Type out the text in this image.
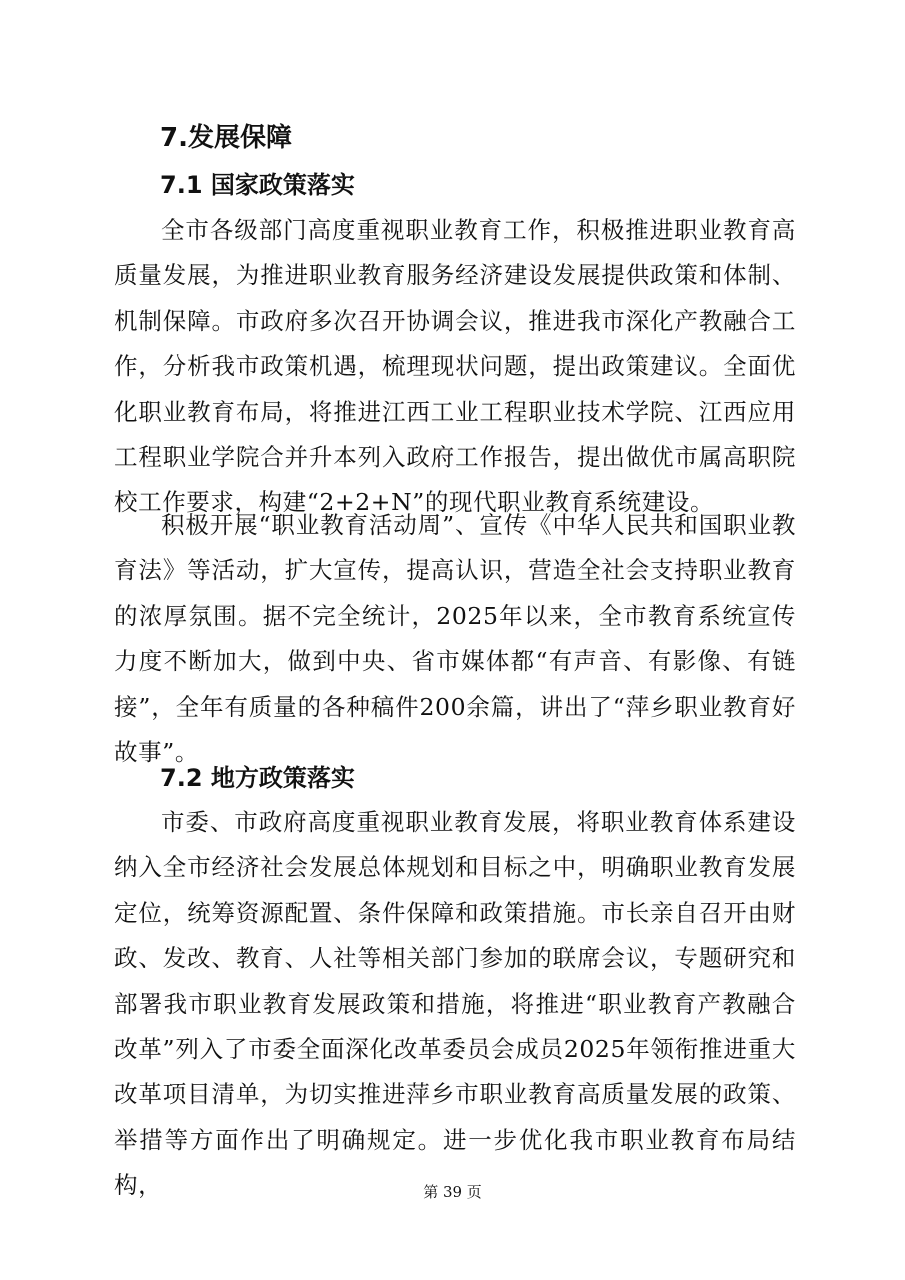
7.发展保障
7.1 国家政策落实

全市各级部门高度重视职业教育工作，积极推进职业教育高质量发展，为推进职业教育服务经济建设发展提供政策和体制、机制保障。市政府多次召开协调会议，推进我市深化产教融合工作，分析我市政策机遇，梳理现状问题，提出政策建议。全面优化职业教育布局，将推进江西工业工程职业技术学院、江西应用工程职业学院合并升本列入政府工作报告，提出做优市属高职院校工作要求，构建“2+2+N”的现代职业教育系统建设。

积极开展“职业教育活动周”、宣传《中华人民共和国职业教育法》等活动，扩大宣传，提高认识，营造全社会支持职业教育的浓厚氛围。据不完全统计，2025年以来，全市教育系统宣传力度不断加大，做到中央、省市媒体都“有声音、有影像、有链接”，全年有质量的各种稿件200余篇，讲出了“萍乡职业教育好故事”。

7.2 地方政策落实

市委、市政府高度重视职业教育发展，将职业教育体系建设纳入全市经济社会发展总体规划和目标之中，明确职业教育发展定位，统筹资源配置、条件保障和政策措施。市长亲自召开由财政、发改、教育、人社等相关部门参加的联席会议，专题研究和部署我市职业教育发展政策和措施，将推进“职业教育产教融合改革”列入了市委全面深化改革委员会成员2025年领衔推进重大改革项目清单，为切实推进萍乡市职业教育高质量发展的政策、举措等方面作出了明确规定。进一步优化我市职业教育布局结构，	第 39 页
